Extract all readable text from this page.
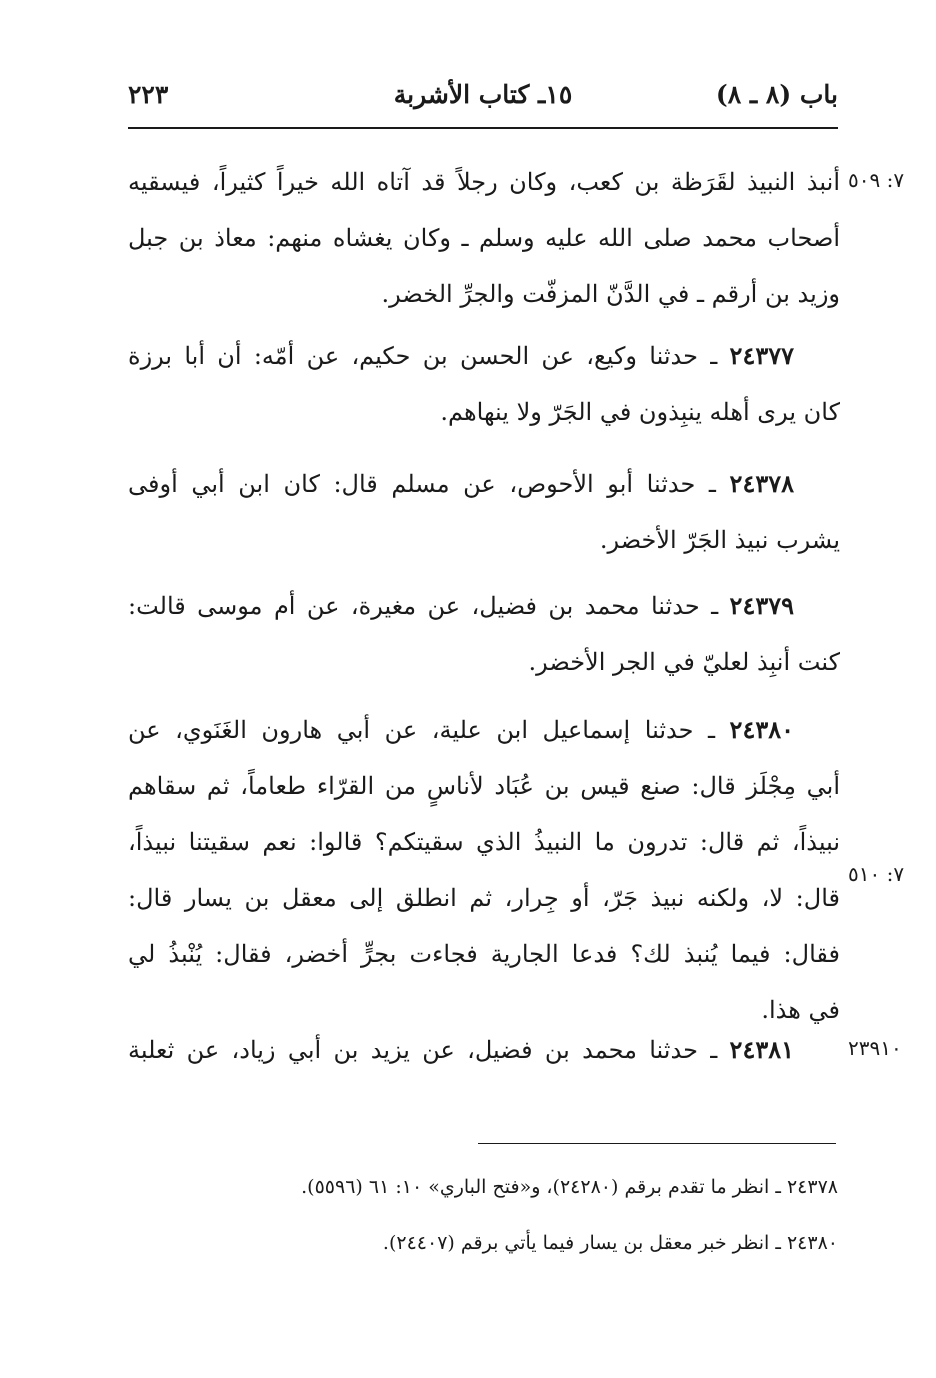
باب (٨ ـ ٨)
١٥ـ كتاب الأشربة
٢٢٣
أنبذ النبيذ لقَرَظة بن كعب، وكان رجلاً قد آتاه الله خيراً كثيراً، فيسقيه
أصحاب محمد صلى الله عليه وسلم ـ وكان يغشاه منهم: معاذ بن جبل
وزيد بن أرقم ـ في الدَّنّ المزفّت والجرِّ الخضر.
٧: ٥٠٩
٢٤٣٧٧ ـ حدثنا وكيع، عن الحسن بن حكيم، عن أمّه: أن أبا برزة
كان يرى أهله ينبِذون في الجَرّ ولا ينهاهم.
٢٤٣٧٨ ـ حدثنا أبو الأحوص، عن مسلم قال: كان ابن أبي أوفى
يشرب نبيذ الجَرّ الأخضر.
٢٤٣٧٩ ـ حدثنا محمد بن فضيل، عن مغيرة، عن أم موسى قالت:
كنت أنبِذ لعليّ في الجر الأخضر.
٢٤٣٨٠ ـ حدثنا إسماعيل ابن علية، عن أبي هارون الغَنَوي، عن
أبي مِجْلَز قال: صنع قيس بن عُبَاد لأناسٍ من القرّاء طعاماً، ثم سقاهم
نبيذاً، ثم قال: تدرون ما النبيذُ الذي سقيتكم؟ قالوا: نعم سقيتنا نبيذاً،
قال: لا، ولكنه نبيذ جَرّ، أو جِرار، ثم انطلق إلى معقل بن يسار قال:
فقال: فيما يُنبذ لك؟ فدعا الجارية فجاءت بجرٍّ أخضر، فقال: يُنْبذُ لي
في هذا.
٧: ٥١٠
٢٤٣٨١ ـ حدثنا محمد بن فضيل، عن يزيد بن أبي زياد، عن ثعلبة	٢٣٩١٠
٢٤٣٧٨ ـ انظر ما تقدم برقم (٢٤٢٨٠)، و«فتح الباري» ١٠: ٦١ (٥٥٩٦).
٢٤٣٨٠ ـ انظر خبر معقل بن يسار فيما يأتي برقم (٢٤٤٠٧).
